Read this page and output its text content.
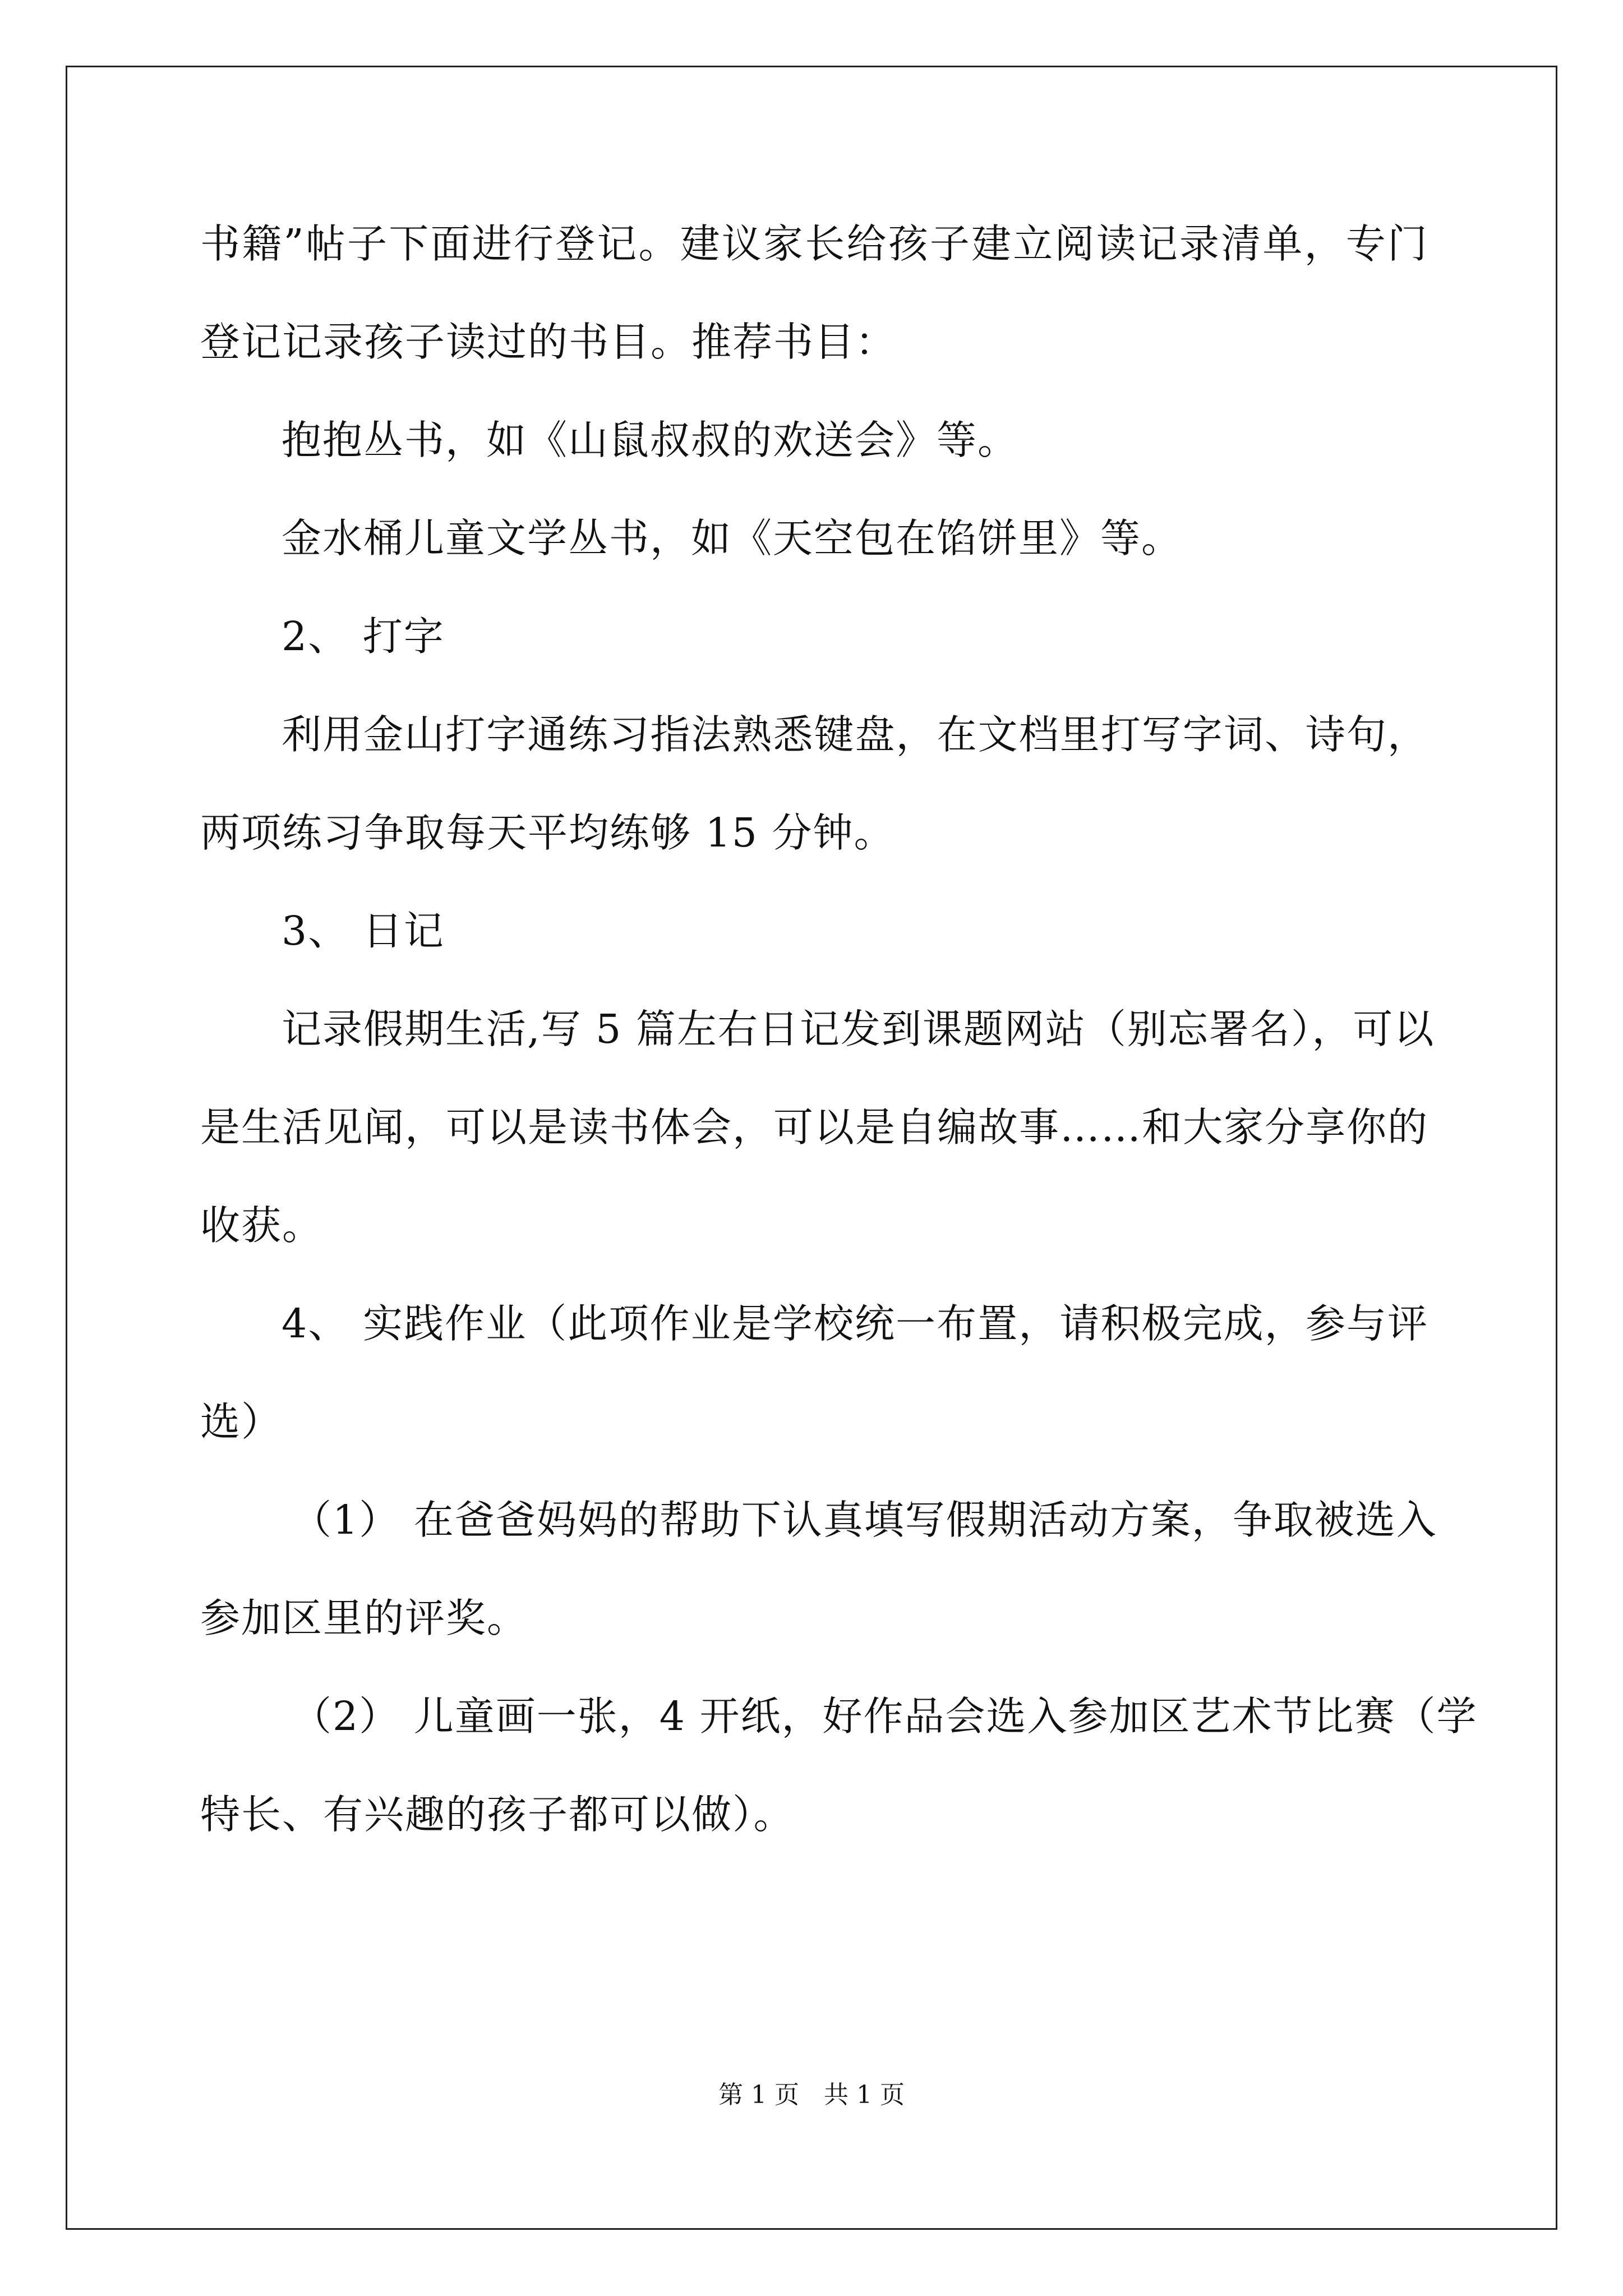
书籍”帖子下面进行登记。建议家长给孩子建立阅读记录清单，专门
登记记录孩子读过的书目。推荐书目：
抱抱丛书，如《山鼠叔叔的欢送会》等。
金水桶儿童文学丛书，如《天空包在馅饼里》等。
2、 打字
利用金山打字通练习指法熟悉键盘，在文档里打写字词、诗句，
两项练习争取每天平均练够 15 分钟。
3、 日记
记录假期生活,写 5 篇左右日记发到课题网站（别忘署名），可以
是生活见闻，可以是读书体会，可以是自编故事……和大家分享你的
收获。
4、 实践作业（此项作业是学校统一布置，请积极完成，参与评
选）
（1） 在爸爸妈妈的帮助下认真填写假期活动方案，争取被选入
参加区里的评奖。
（2） 儿童画一张，4 开纸，好作品会选入参加区艺术节比赛（学
特长、有兴趣的孩子都可以做）。
第 1 页　共 1 页
